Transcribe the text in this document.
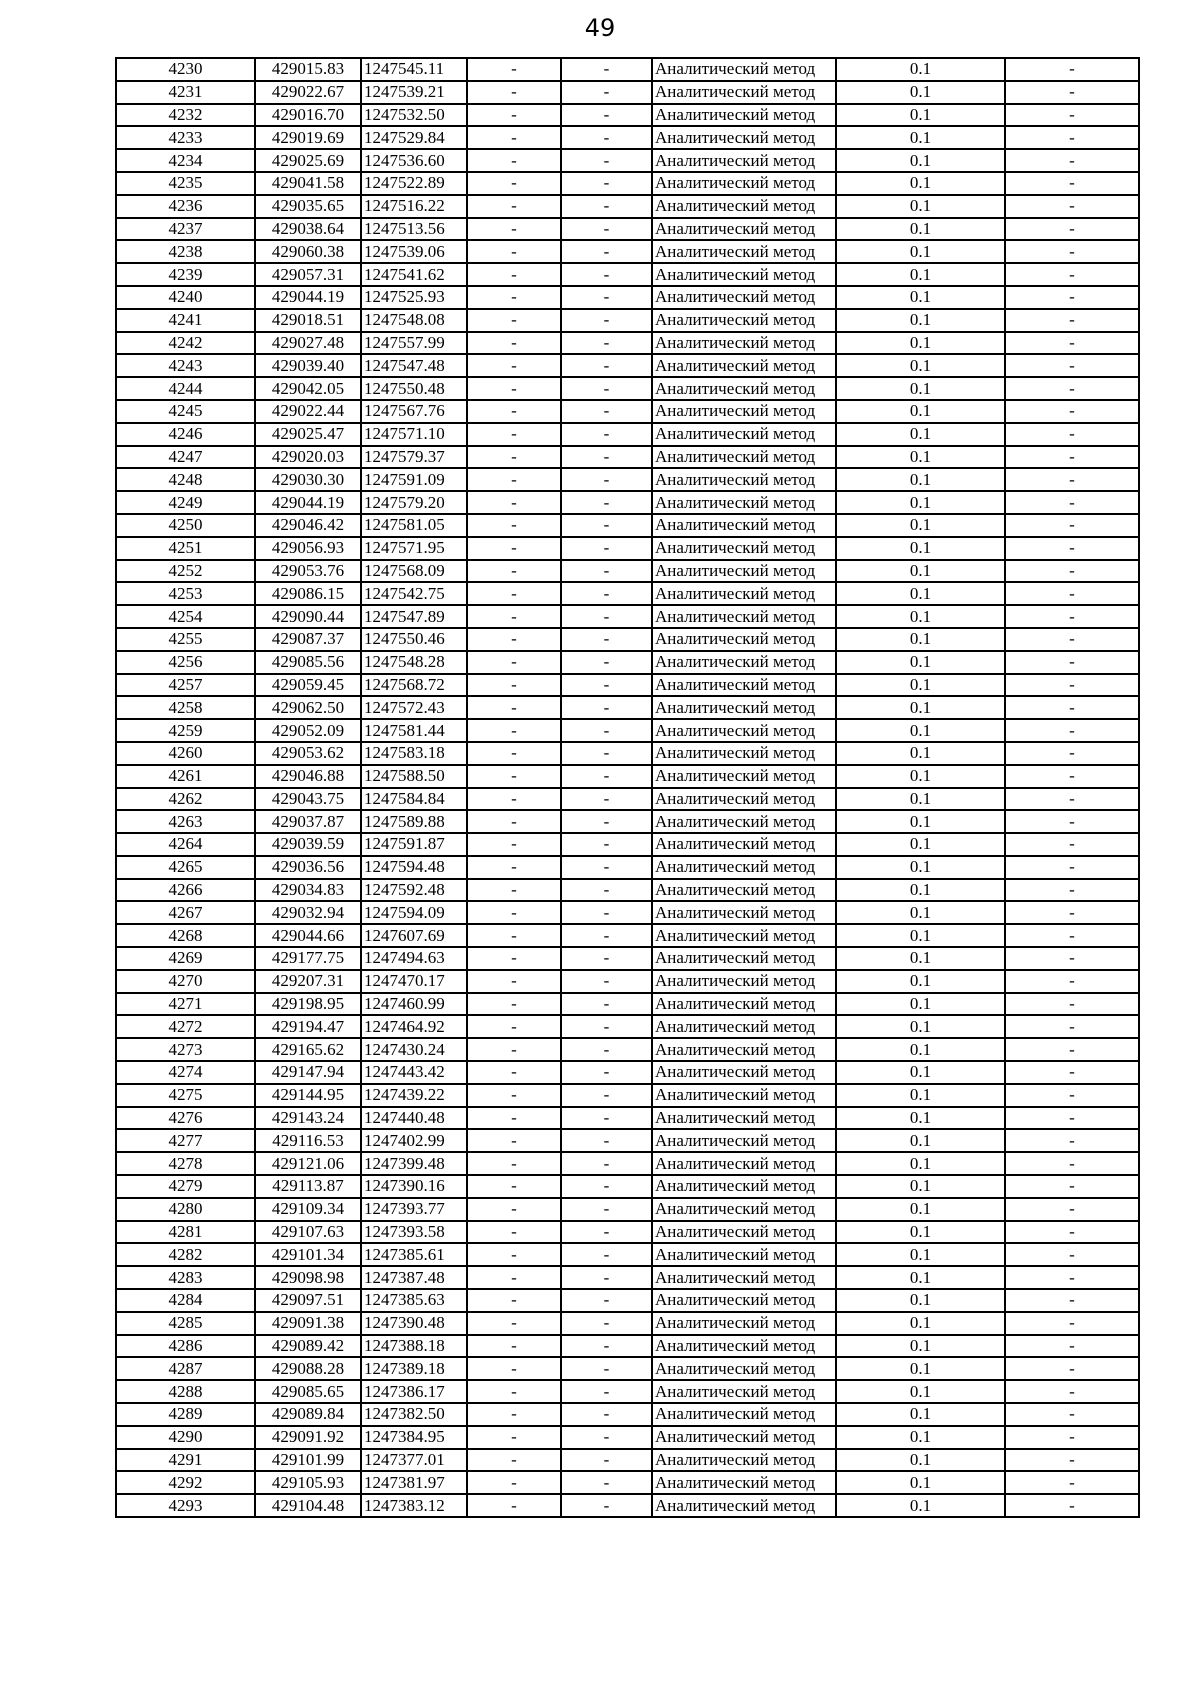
49
4230	429015.83	1247545.11	-	-	Аналитический метод	0.1	-
4231	429022.67	1247539.21	-	-	Аналитический метод	0.1	-
4232	429016.70	1247532.50	-	-	Аналитический метод	0.1	-
4233	429019.69	1247529.84	-	-	Аналитический метод	0.1	-
4234	429025.69	1247536.60	-	-	Аналитический метод	0.1	-
4235	429041.58	1247522.89	-	-	Аналитический метод	0.1	-
4236	429035.65	1247516.22	-	-	Аналитический метод	0.1	-
4237	429038.64	1247513.56	-	-	Аналитический метод	0.1	-
4238	429060.38	1247539.06	-	-	Аналитический метод	0.1	-
4239	429057.31	1247541.62	-	-	Аналитический метод	0.1	-
4240	429044.19	1247525.93	-	-	Аналитический метод	0.1	-
4241	429018.51	1247548.08	-	-	Аналитический метод	0.1	-
4242	429027.48	1247557.99	-	-	Аналитический метод	0.1	-
4243	429039.40	1247547.48	-	-	Аналитический метод	0.1	-
4244	429042.05	1247550.48	-	-	Аналитический метод	0.1	-
4245	429022.44	1247567.76	-	-	Аналитический метод	0.1	-
4246	429025.47	1247571.10	-	-	Аналитический метод	0.1	-
4247	429020.03	1247579.37	-	-	Аналитический метод	0.1	-
4248	429030.30	1247591.09	-	-	Аналитический метод	0.1	-
4249	429044.19	1247579.20	-	-	Аналитический метод	0.1	-
4250	429046.42	1247581.05	-	-	Аналитический метод	0.1	-
4251	429056.93	1247571.95	-	-	Аналитический метод	0.1	-
4252	429053.76	1247568.09	-	-	Аналитический метод	0.1	-
4253	429086.15	1247542.75	-	-	Аналитический метод	0.1	-
4254	429090.44	1247547.89	-	-	Аналитический метод	0.1	-
4255	429087.37	1247550.46	-	-	Аналитический метод	0.1	-
4256	429085.56	1247548.28	-	-	Аналитический метод	0.1	-
4257	429059.45	1247568.72	-	-	Аналитический метод	0.1	-
4258	429062.50	1247572.43	-	-	Аналитический метод	0.1	-
4259	429052.09	1247581.44	-	-	Аналитический метод	0.1	-
4260	429053.62	1247583.18	-	-	Аналитический метод	0.1	-
4261	429046.88	1247588.50	-	-	Аналитический метод	0.1	-
4262	429043.75	1247584.84	-	-	Аналитический метод	0.1	-
4263	429037.87	1247589.88	-	-	Аналитический метод	0.1	-
4264	429039.59	1247591.87	-	-	Аналитический метод	0.1	-
4265	429036.56	1247594.48	-	-	Аналитический метод	0.1	-
4266	429034.83	1247592.48	-	-	Аналитический метод	0.1	-
4267	429032.94	1247594.09	-	-	Аналитический метод	0.1	-
4268	429044.66	1247607.69	-	-	Аналитический метод	0.1	-
4269	429177.75	1247494.63	-	-	Аналитический метод	0.1	-
4270	429207.31	1247470.17	-	-	Аналитический метод	0.1	-
4271	429198.95	1247460.99	-	-	Аналитический метод	0.1	-
4272	429194.47	1247464.92	-	-	Аналитический метод	0.1	-
4273	429165.62	1247430.24	-	-	Аналитический метод	0.1	-
4274	429147.94	1247443.42	-	-	Аналитический метод	0.1	-
4275	429144.95	1247439.22	-	-	Аналитический метод	0.1	-
4276	429143.24	1247440.48	-	-	Аналитический метод	0.1	-
4277	429116.53	1247402.99	-	-	Аналитический метод	0.1	-
4278	429121.06	1247399.48	-	-	Аналитический метод	0.1	-
4279	429113.87	1247390.16	-	-	Аналитический метод	0.1	-
4280	429109.34	1247393.77	-	-	Аналитический метод	0.1	-
4281	429107.63	1247393.58	-	-	Аналитический метод	0.1	-
4282	429101.34	1247385.61	-	-	Аналитический метод	0.1	-
4283	429098.98	1247387.48	-	-	Аналитический метод	0.1	-
4284	429097.51	1247385.63	-	-	Аналитический метод	0.1	-
4285	429091.38	1247390.48	-	-	Аналитический метод	0.1	-
4286	429089.42	1247388.18	-	-	Аналитический метод	0.1	-
4287	429088.28	1247389.18	-	-	Аналитический метод	0.1	-
4288	429085.65	1247386.17	-	-	Аналитический метод	0.1	-
4289	429089.84	1247382.50	-	-	Аналитический метод	0.1	-
4290	429091.92	1247384.95	-	-	Аналитический метод	0.1	-
4291	429101.99	1247377.01	-	-	Аналитический метод	0.1	-
4292	429105.93	1247381.97	-	-	Аналитический метод	0.1	-
4293	429104.48	1247383.12	-	-	Аналитический метод	0.1	-
